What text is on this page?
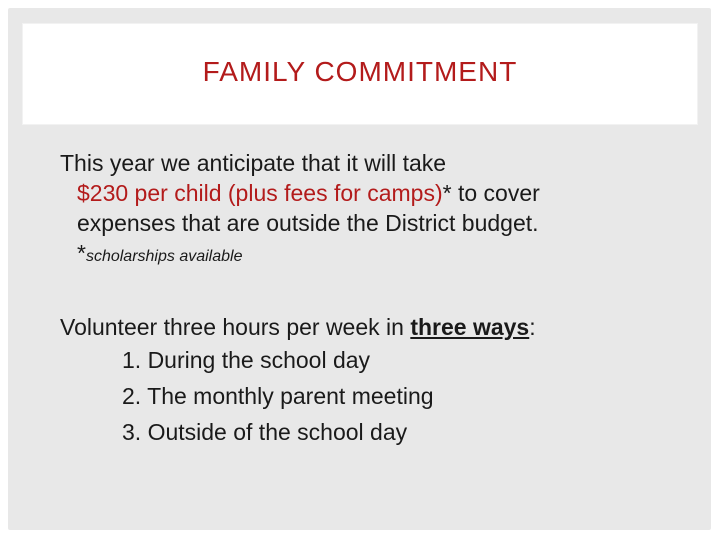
FAMILY COMMITMENT
This year we anticipate that it will take
$230 per child (plus fees for camps)* to cover
expenses that are outside the District budget.
*scholarships available
Volunteer three hours per week in three ways:
1. During the school day
2. The monthly parent meeting
3. Outside of the school day
